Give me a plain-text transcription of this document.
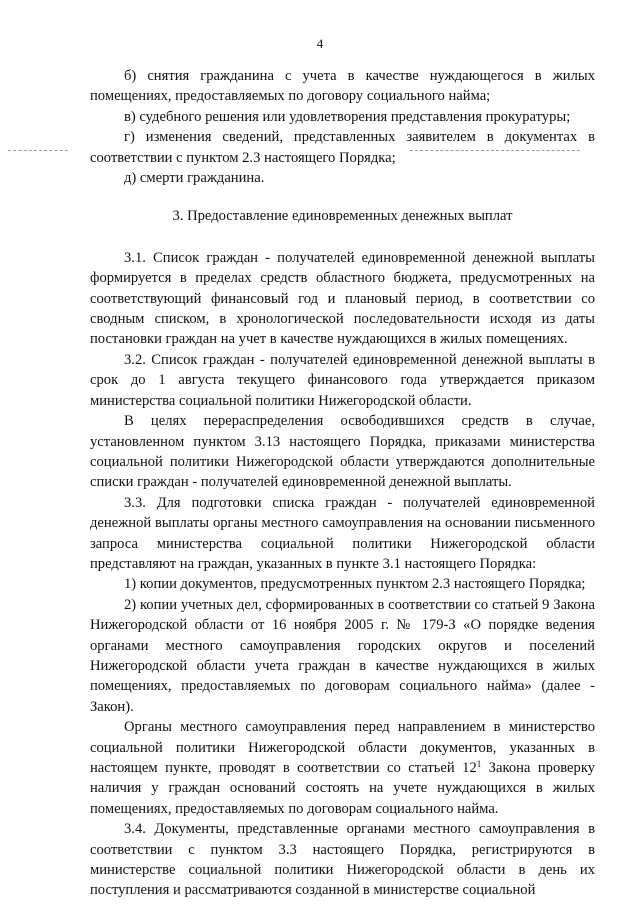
4

б) снятия гражданина с учета в качестве нуждающегося в жилых помещениях, предоставляемых по договору социального найма;

в) судебного решения или удовлетворения представления прокуратуры;

г) изменения сведений, представленных заявителем в документах в соответствии с пунктом 2.3 настоящего Порядка;

д) смерти гражданина.

3. Предоставление единовременных денежных выплат

3.1. Список граждан - получателей единовременной денежной выплаты формируется в пределах средств областного бюджета, предусмотренных на соответствующий финансовый год и плановый период, в соответствии со сводным списком, в хронологической последовательности исходя из даты постановки граждан на учет в качестве нуждающихся в жилых помещениях.

3.2. Список граждан - получателей единовременной денежной выплаты в срок до 1 августа текущего финансового года утверждается приказом министерства социальной политики Нижегородской области.

В целях перераспределения освободившихся средств в случае, установленном пунктом 3.13 настоящего Порядка, приказами министерства социальной политики Нижегородской области утверждаются дополнительные списки граждан - получателей единовременной денежной выплаты.

3.3. Для подготовки списка граждан - получателей единовременной денежной выплаты органы местного самоуправления на основании письменного запроса министерства социальной политики Нижегородской области представляют на граждан, указанных в пункте 3.1 настоящего Порядка:

1) копии документов, предусмотренных пунктом 2.3 настоящего Порядка;

2) копии учетных дел, сформированных в соответствии со статьей 9 Закона Нижегородской области от 16 ноября 2005 г. № 179-З «О порядке ведения органами местного самоуправления городских округов и поселений Нижегородской области учета граждан в качестве нуждающихся в жилых помещениях, предоставляемых по договорам социального найма» (далее - Закон).

Органы местного самоуправления перед направлением в министерство социальной политики Нижегородской области документов, указанных в настоящем пункте, проводят в соответствии со статьей $12^1$ Закона проверку наличия у граждан оснований состоять на учете нуждающихся в жилых помещениях, предоставляемых по договорам социального найма.

3.4. Документы, представленные органами местного самоуправления в соответствии с пунктом 3.3 настоящего Порядка, регистрируются в министерстве социальной политики Нижегородской области в день их поступления и рассматриваются созданной в министерстве социальной
